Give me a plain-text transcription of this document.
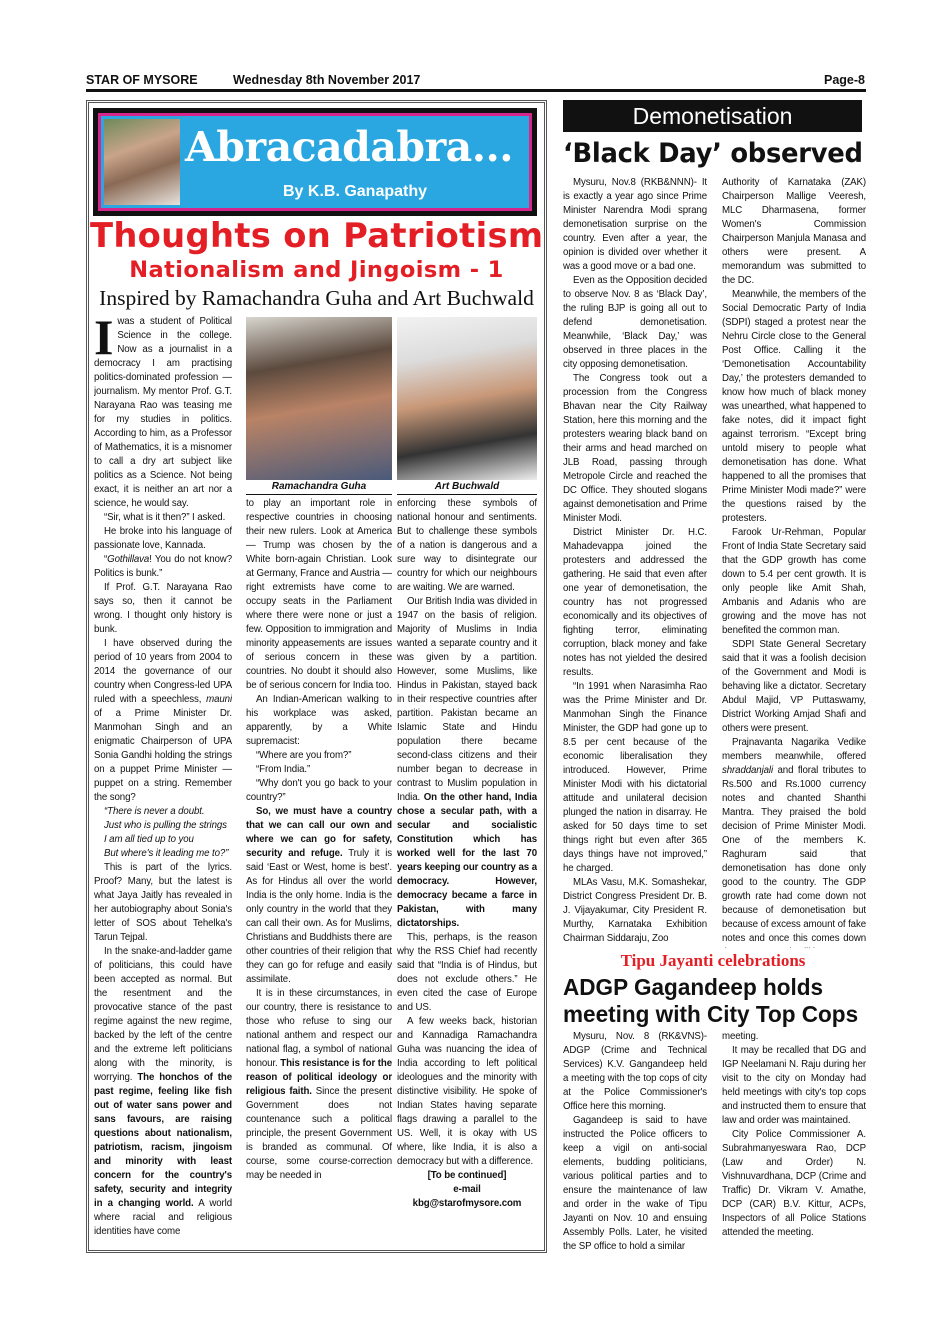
STAR OF MYSORE	Wednesday 8th November 2017	Page-8
Abracadabra...
By K.B. Ganapathy
Thoughts on Patriotism
Nationalism and Jingoism - 1
Inspired by Ramachandra Guha and Art Buchwald
Ramachandra Guha	Art Buchwald
I was a student of Political Science in the college. Now as a journalist in a democracy I am practising politics-dominated profession — journalism. My mentor Prof. G.T. Narayana Rao was teasing me for my studies in politics. According to him, as a Professor of Mathematics, it is a misnomer to call a dry art subject like politics as a Science. Not being exact, it is neither an art nor a science, he would say.

“Sir, what is it then?” I asked.

He broke into his language of passionate love, Kannada.

“Gothillava! You do not know? Politics is bunk.”

If Prof. G.T. Narayana Rao says so, then it cannot be wrong. I thought only history is bunk.

I have observed during the period of 10 years from 2004 to 2014 the governance of our country when Congress-led UPA ruled with a speechless, mauni of a Prime Minister Dr. Manmohan Singh and an enigmatic Chairperson of UPA Sonia Gandhi holding the strings on a puppet Prime Minister — puppet on a string. Remember the song?

“There is never a doubt.

Just who is pulling the strings

I am all tied up to you

But where's it leading me to?”

This is part of the lyrics. Proof? Many, but the latest is what Jaya Jaitly has revealed in her autobiography about Sonia's letter of SOS about Tehelka's Tarun Tejpal.

In the snake-and-ladder game of politicians, this could have been accepted as normal. But the resentment and the provocative stance of the past regime against the new regime, backed by the left of the centre and the extreme left politicians along with the minority, is worrying. The honchos of the past regime, feeling like fish out of water sans power and sans favours, are raising questions about nationalism, patriotism, racism, jingoism and minority with least concern for the country's safety, security and integrity in a changing world. A world where racial and religious identities have come

to play an important role in respective countries in choosing their new rulers. Look at America — Trump was chosen by the White born-again Christian. Look at Germany, France and Austria — right extremists have come to occupy seats in the Parliament where there were none or just a few. Opposition to immigration and minority appeasements are issues of serious concern in these countries. No doubt it should also be of serious concern for India too.

An Indian-American walking to his workplace was asked, apparently, by a White supremacist:

“Where are you from?”

“From India.”

“Why don't you go back to your country?”

So, we must have a country that we can call our own and where we can go for safety, security and refuge. Truly it is said ‘East or West, home is best’. As for Hindus all over the world India is the only home. India is the only country in the world that they can call their own. As for Muslims, Christians and Buddhists there are other countries of their religion that they can go for refuge and easily assimilate.

It is in these circumstances, in our country, there is resistance to those who refuse to sing our national anthem and respect our national flag, a symbol of national honour. This resistance is for the reason of political ideology or religious faith. Since the present Government does not countenance such a political principle, the present Government is branded as communal. Of course, some course-correction may be needed in

enforcing these symbols of national honour and sentiments. But to challenge these symbols of a nation is dangerous and a sure way to disintegrate our country for which our neighbours are waiting. We are warned.

Our British India was divided in 1947 on the basis of religion. Majority of Muslims in India wanted a separate country and it was given by a partition. However, some Muslims, like Hindus in Pakistan, stayed back in their respective countries after partition. Pakistan became an Islamic State and Hindu population there became second-class citizens and their number began to decrease in contrast to Muslim population in India. On the other hand, India chose a secular path, with a secular and socialistic Constitution which has worked well for the last 70 years keeping our country as a democracy. However, democracy became a farce in Pakistan, with many dictatorships.

This, perhaps, is the reason why the RSS Chief had recently said that “India is of Hindus, but does not exclude others.” He even cited the case of Europe and US.

A few weeks back, historian and Kannadiga Ramachandra Guha was nuancing the idea of India according to left political ideologues and the minority with distinctive visibility. He spoke of Indian States having separate flags drawing a parallel to the US. Well, it is okay with US where, like India, it is also a democracy but with a difference.

[To be continued]

e-mail

kbg@starofmysore.com

Demonetisation
‘Black Day’ observed

Mysuru, Nov.8 (RKB&NNN)- It is exactly a year ago since Prime Minister Narendra Modi sprang demonetisation surprise on the country. Even after a year, the opinion is divided over whether it was a good move or a bad one.

Even as the Opposition decided to observe Nov. 8 as ‘Black Day’, the ruling BJP is going all out to defend demonetisation. Meanwhile, ‘Black Day,’ was observed in three places in the city opposing demonetisation.

The Congress took out a procession from the Congress Bhavan near the City Railway Station, here this morning and the protesters wearing black band on their arms and head marched on JLB Road, passing through Metropole Circle and reached the DC Office. They shouted slogans against demonetisation and Prime Minister Modi.

District Minister Dr. H.C. Mahadevappa joined the protesters and addressed the gathering. He said that even after one year of demonetisation, the country has not progressed economically and its objectives of fighting terror, eliminating corruption, black money and fake notes has not yielded the desired results.

“In 1991 when Narasimha Rao was the Prime Minister and Dr. Manmohan Singh the Finance Minister, the GDP had gone up to 8.5 per cent because of the economic liberalisation they introduced. However, Prime Minister Modi with his dictatorial attitude and unilateral decision plunged the nation in disarray. He asked for 50 days time to set things right but even after 365 days things have not improved,” he charged.

MLAs Vasu, M.K. Somashekar, District Congress President Dr. B. J. Vijayakumar, City President R. Murthy, Karnataka Exhibition Chairman Siddaraju, Zoo

Authority of Karnataka (ZAK) Chairperson Mallige Veeresh, MLC Dharmasena, former Women's Commission Chairperson Manjula Manasa and others were present. A memorandum was submitted to the DC.

Meanwhile, the members of the Social Democratic Party of India (SDPI) staged a protest near the Nehru Circle close to the General Post Office. Calling it the ‘Demonetisation Accountability Day,’ the protesters demanded to know how much of black money was unearthed, what happened to fake notes, did it impact fight against terrorism. “Except bring untold misery to people what demonetisation has done. What happened to all the promises that Prime Minister Modi made?” were the questions raised by the protesters.

Farook Ur-Rehman, Popular Front of India State Secretary said that the GDP growth has come down to 5.4 per cent growth. It is only people like Amit Shah, Ambanis and Adanis who are growing and the move has not benefited the common man.

SDPI State General Secretary said that it was a foolish decision of the Government and Modi is behaving like a dictator. Secretary Abdul Majid, VP Puttaswamy, District Working Amjad Shafi and others were present.

Prajnavanta Nagarika Vedike members meanwhile, offered shraddanjali and floral tributes to Rs.500 and Rs.1000 currency notes and chanted Shanthi Mantra. They praised the bold decision of Prime Minister Modi. One of the members K. Raghuram said that demonetisation has done only good to the country. The GDP growth rate had come down not because of demonetisation but because of excess amount of fake notes and once this comes down

Tipu Jayanti celebrations
ADGP Gagandeep holds meeting with City Top Cops

Mysuru, Nov. 8 (RK&VNS)- ADGP (Crime and Technical Services) K.V. Gangandeep held a meeting with the top cops of city at the Police Commissioner's Office here this morning.

Gagandeep is said to have instructed the Police officers to keep a vigil on anti-social elements, budding politicians, various political parties and to ensure the maintenance of law and order in the wake of Tipu Jayanti on Nov. 10 and ensuing Assembly Polls. Later, he visited the SP office to hold a similar

meeting.

It may be recalled that DG and IGP Neelamani N. Raju during her visit to the city on Monday had held meetings with city's top cops and instructed them to ensure that law and order was maintained.

City Police Commissioner A. Subrahmanyeswara Rao, DCP (Law and Order) N. Vishnuvardhana, DCP (Crime and Traffic) Dr. Vikram V. Amathe, DCP (CAR) B.V. Kittur, ACPs, Inspectors of all Police Stations attended the meeting.
